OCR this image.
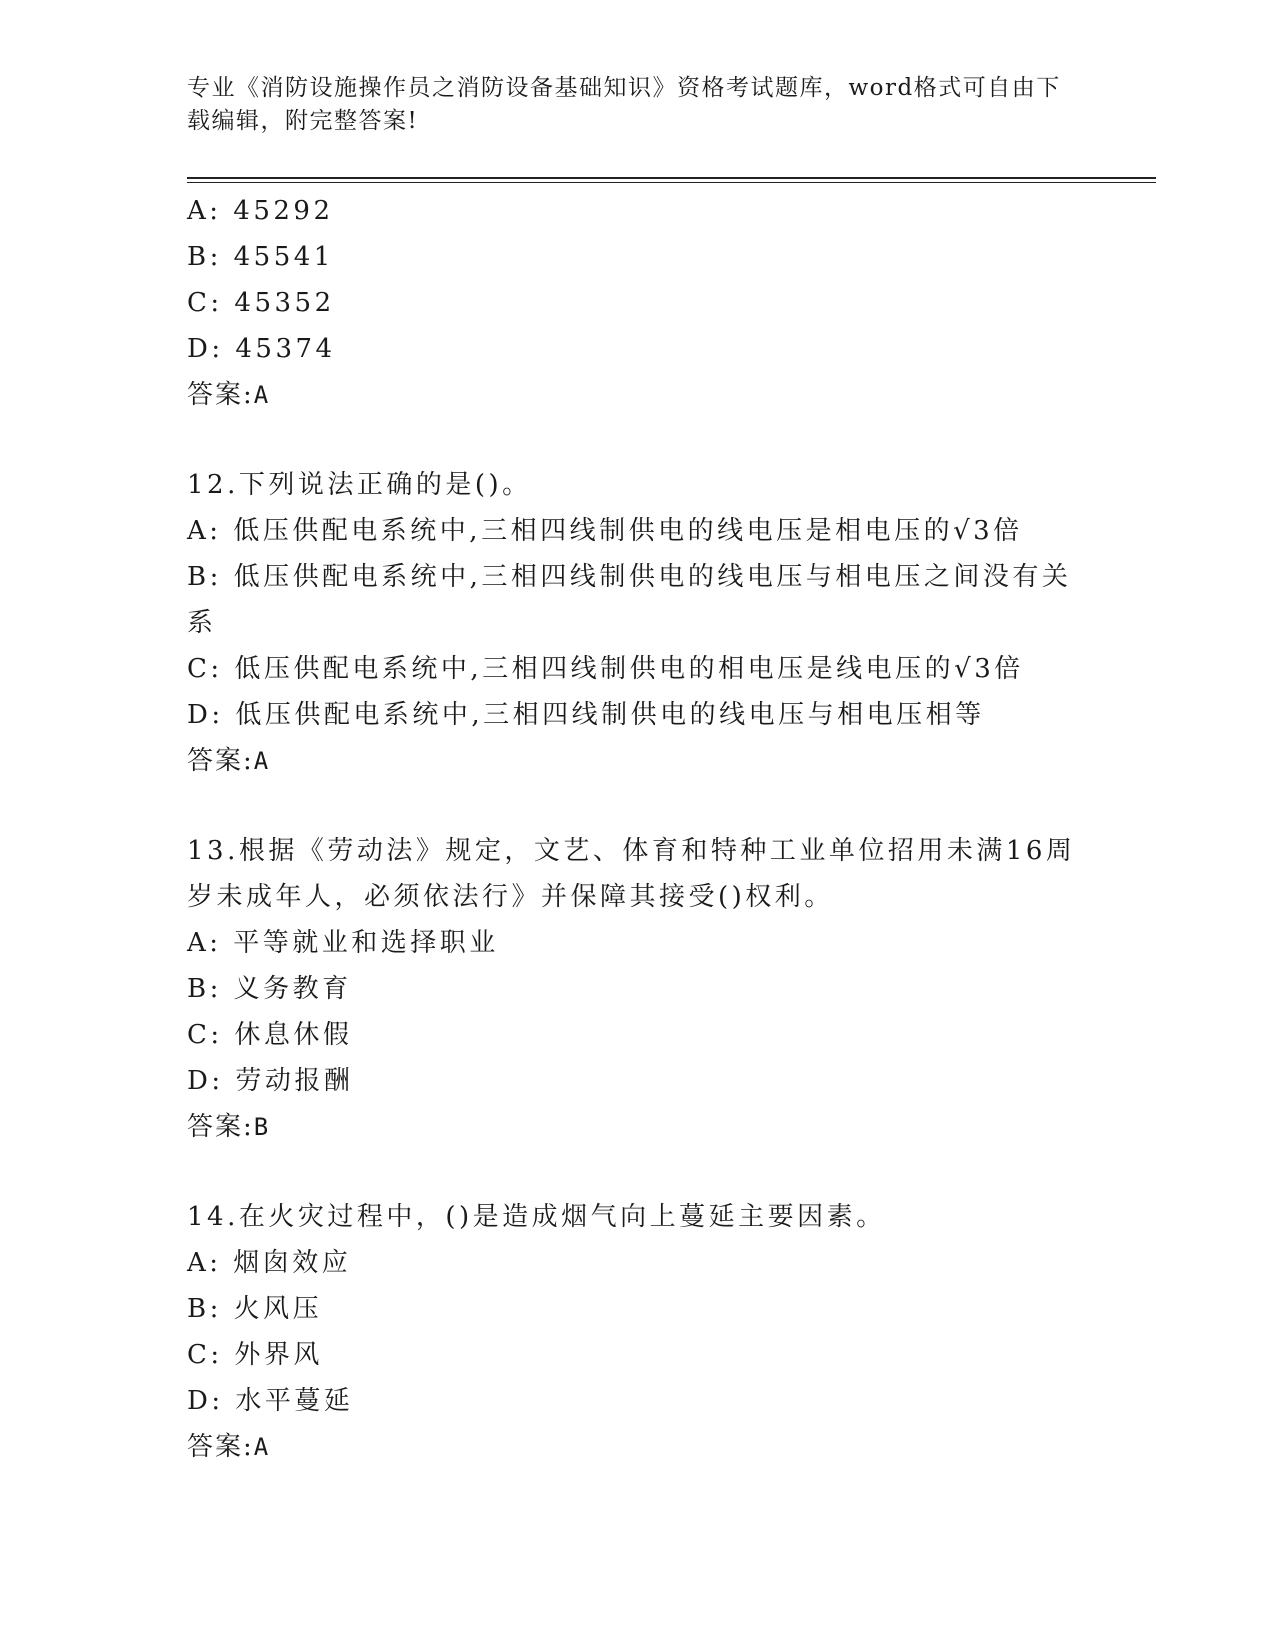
专业《消防设施操作员之消防设备基础知识》资格考试题库，word格式可自由下
载编辑，附完整答案!
A: 45292
B: 45541
C: 45352
D: 45374
答案:A
12.下列说法正确的是()。
A: 低压供配电系统中,三相四线制供电的线电压是相电压的√3倍
B: 低压供配电系统中,三相四线制供电的线电压与相电压之间没有关
系
C: 低压供配电系统中,三相四线制供电的相电压是线电压的√3倍
D: 低压供配电系统中,三相四线制供电的线电压与相电压相等
答案:A
13.根据《劳动法》规定，文艺、体育和特种工业单位招用未满16周
岁未成年人，必须依法行》并保障其接受()权利。
A: 平等就业和选择职业
B: 义务教育
C: 休息休假
D: 劳动报酬
答案:B
14.在火灾过程中，()是造成烟气向上蔓延主要因素。
A: 烟囱效应
B: 火风压
C: 外界风
D: 水平蔓延
答案:A
